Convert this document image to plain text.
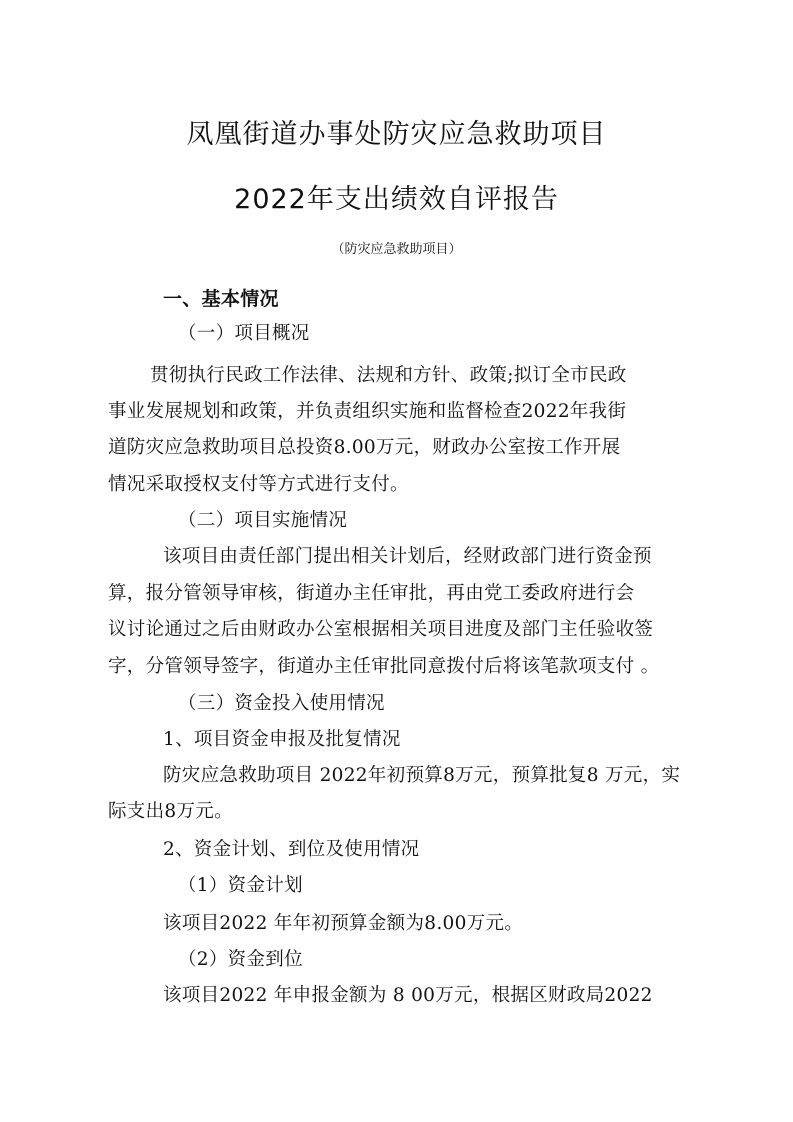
凤凰街道办事处防灾应急救助项目
2022年支出绩效自评报告
（防灾应急救助项目）
一、基本情况
（一）项目概况
贯彻执行民政工作法律、法规和方针、政策;拟订全市民政
事业发展规划和政策，并负责组织实施和监督检查2022年我街
道防灾应急救助项目总投资8.00万元，财政办公室按工作开展
情况采取授权支付等方式进行支付。
（二）项目实施情况
该项目由责任部门提出相关计划后，经财政部门进行资金预
算，报分管领导审核，街道办主任审批，再由党工委政府进行会
议讨论通过之后由财政办公室根据相关项目进度及部门主任验收签
字，分管领导签字，街道办主任审批同意拨付后将该笔款项支付 。
（三）资金投入使用情况
1、项目资金申报及批复情况
防灾应急救助项目 2022年初预算8万元，预算批复8 万元，实
际支出8万元。
2、资金计划、到位及使用情况
（1）资金计划
该项目2022 年年初预算金额为8.00万元。
（2）资金到位
该项目2022 年申报金额为 8 00万元，根据区财政局2022
